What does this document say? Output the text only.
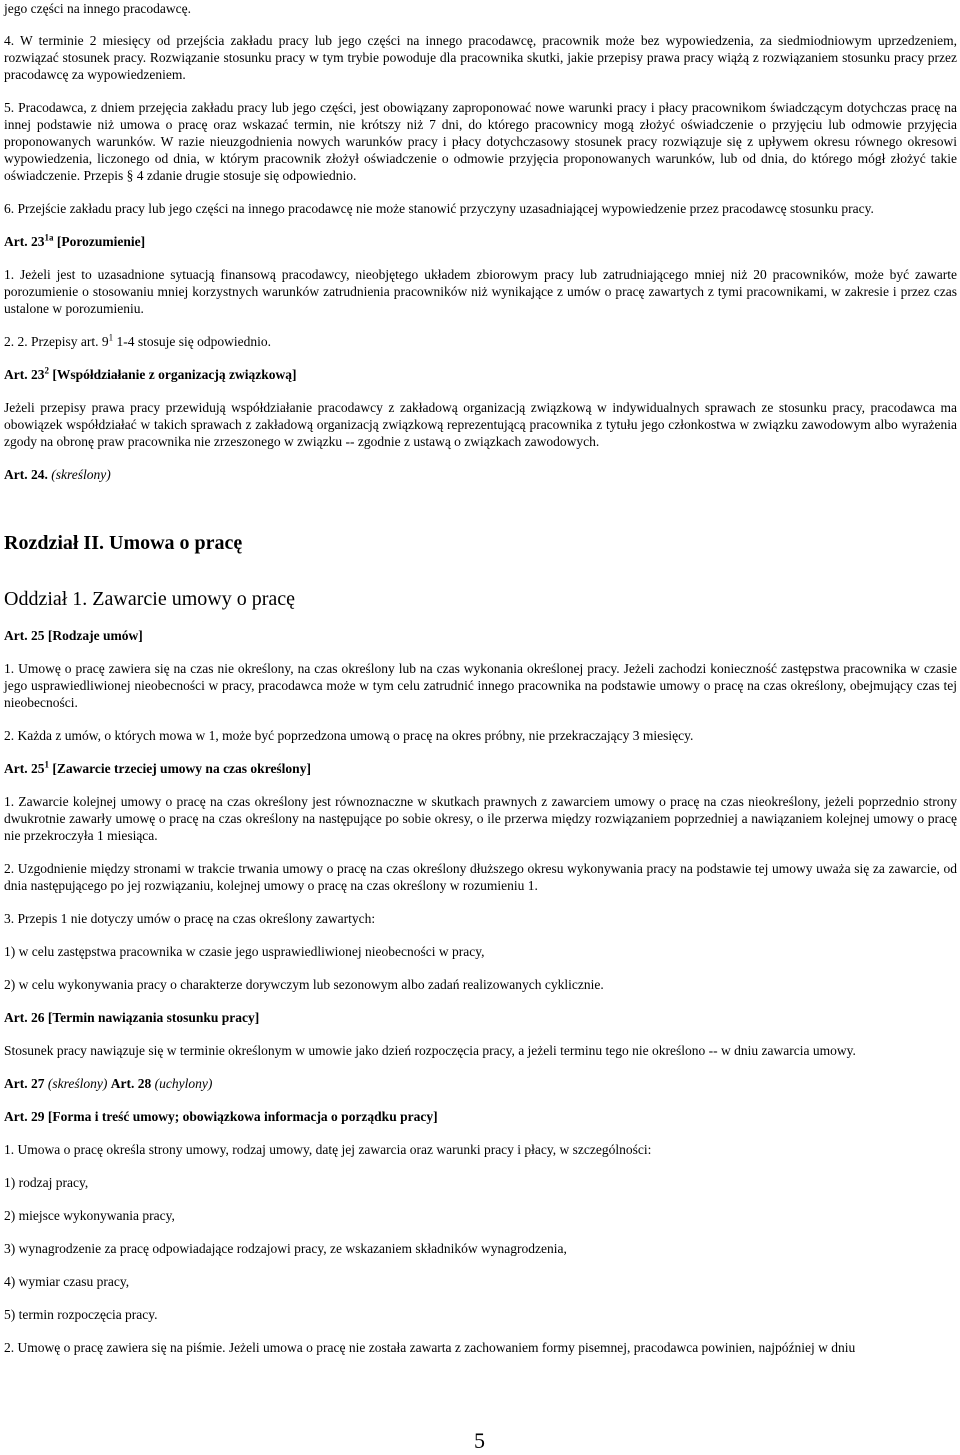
jego części na innego pracodawcę.

4. W terminie 2 miesięcy od przejścia zakładu pracy lub jego części na innego pracodawcę, pracownik może bez wypowiedzenia, za siedmiodniowym uprzedzeniem, rozwiązać stosunek pracy. Rozwiązanie stosunku pracy w tym trybie powoduje dla pracownika skutki, jakie przepisy prawa pracy wiążą z rozwiązaniem stosunku pracy przez pracodawcę za wypowiedzeniem.

5. Pracodawca, z dniem przejęcia zakładu pracy lub jego części, jest obowiązany zaproponować nowe warunki pracy i płacy pracownikom świadczącym dotychczas pracę na innej podstawie niż umowa o pracę oraz wskazać termin, nie krótszy niż 7 dni, do którego pracownicy mogą złożyć oświadczenie o przyjęciu lub odmowie przyjęcia proponowanych warunków. W razie nieuzgodnienia nowych warunków pracy i płacy dotychczasowy stosunek pracy rozwiązuje się z upływem okresu równego okresowi wypowiedzenia, liczonego od dnia, w którym pracownik złożył oświadczenie o odmowie przyjęcia proponowanych warunków, lub od dnia, do którego mógł złożyć takie oświadczenie. Przepis § 4 zdanie drugie stosuje się odpowiednio.

6. Przejście zakładu pracy lub jego części na innego pracodawcę nie może stanowić przyczyny uzasadniającej wypowiedzenie przez pracodawcę stosunku pracy.

Art. $23^{1a}$ [Porozumienie]

1. Jeżeli jest to uzasadnione sytuacją finansową pracodawcy, nieobjętego układem zbiorowym pracy lub zatrudniającego mniej niż 20 pracowników, może być zawarte porozumienie o stosowaniu mniej korzystnych warunków zatrudnienia pracowników niż wynikające z umów o pracę zawartych z tymi pracownikami, w zakresie i przez czas ustalone w porozumieniu.

2. 2. Przepisy art. $9^1$ 1-4 stosuje się odpowiednio.

Art. $23^2$ [Współdziałanie z organizacją związkową]

Jeżeli przepisy prawa pracy przewidują współdziałanie pracodawcy z zakładową organizacją związkową w indywidualnych sprawach ze stosunku pracy, pracodawca ma obowiązek współdziałać w takich sprawach z zakładową organizacją związkową reprezentującą pracownika z tytułu jego członkostwa w związku zawodowym albo wyrażenia zgody na obronę praw pracownika nie zrzeszonego w związku -- zgodnie z ustawą o związkach zawodowych.

Art. 24. (skreślony)

Rozdział II. Umowa o pracę
Oddział 1. Zawarcie umowy o pracę

Art. 25 [Rodzaje umów]

1. Umowę o pracę zawiera się na czas nie określony, na czas określony lub na czas wykonania określonej pracy. Jeżeli zachodzi konieczność zastępstwa pracownika w czasie jego usprawiedliwionej nieobecności w pracy, pracodawca może w tym celu zatrudnić innego pracownika na podstawie umowy o pracę na czas określony, obejmujący czas tej nieobecności.

2. Każda z umów, o których mowa w 1, może być poprzedzona umową o pracę na okres próbny, nie przekraczający 3 miesięcy.

Art. $25^1$ [Zawarcie trzeciej umowy na czas określony]

1. Zawarcie kolejnej umowy o pracę na czas określony jest równoznaczne w skutkach prawnych z zawarciem umowy o pracę na czas nieokreślony, jeżeli poprzednio strony dwukrotnie zawarły umowę o pracę na czas określony na następujące po sobie okresy, o ile przerwa między rozwiązaniem poprzedniej a nawiązaniem kolejnej umowy o pracę nie przekroczyła 1 miesiąca.

2. Uzgodnienie między stronami w trakcie trwania umowy o pracę na czas określony dłuższego okresu wykonywania pracy na podstawie tej umowy uważa się za zawarcie, od dnia następującego po jej rozwiązaniu, kolejnej umowy o pracę na czas określony w rozumieniu 1.

3. Przepis 1 nie dotyczy umów o pracę na czas określony zawartych:

1) w celu zastępstwa pracownika w czasie jego usprawiedliwionej nieobecności w pracy,

2) w celu wykonywania pracy o charakterze dorywczym lub sezonowym albo zadań realizowanych cyklicznie.

Art. 26 [Termin nawiązania stosunku pracy]

Stosunek pracy nawiązuje się w terminie określonym w umowie jako dzień rozpoczęcia pracy, a jeżeli terminu tego nie określono -- w dniu zawarcia umowy.

Art. 27 (skreślony) Art. 28 (uchylony)

Art. 29 [Forma i treść umowy; obowiązkowa informacja o porządku pracy]

1. Umowa o pracę określa strony umowy, rodzaj umowy, datę jej zawarcia oraz warunki pracy i płacy, w szczególności:

1) rodzaj pracy,

2) miejsce wykonywania pracy,

3) wynagrodzenie za pracę odpowiadające rodzajowi pracy, ze wskazaniem składników wynagrodzenia,

4) wymiar czasu pracy,

5) termin rozpoczęcia pracy.

2. Umowę o pracę zawiera się na piśmie. Jeżeli umowa o pracę nie została zawarta z zachowaniem formy pisemnej, pracodawca powinien, najpóźniej w dniu

5
